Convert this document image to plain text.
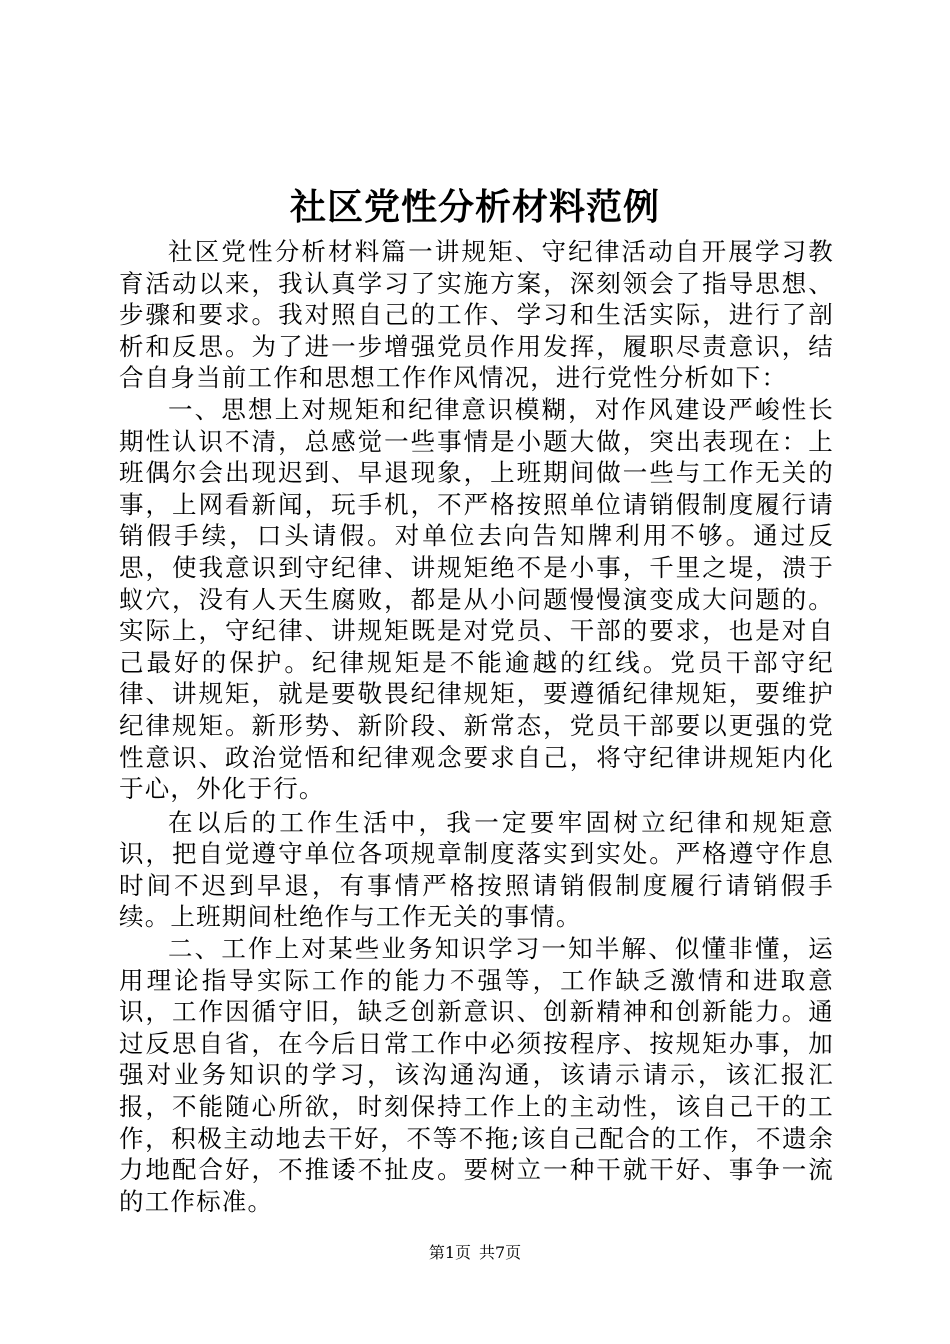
社区党性分析材料范例

社区党性分析材料篇一讲规矩、守纪律活动自开展学习教育活动以来，我认真学习了实施方案，深刻领会了指导思想、步骤和要求。我对照自己的工作、学习和生活实际，进行了剖析和反思。为了进一步增强党员作用发挥，履职尽责意识，结合自身当前工作和思想工作作风情况，进行党性分析如下：

一、思想上对规矩和纪律意识模糊，对作风建设严峻性长期性认识不清，总感觉一些事情是小题大做，突出表现在：上班偶尔会出现迟到、早退现象，上班期间做一些与工作无关的事，上网看新闻，玩手机，不严格按照单位请销假制度履行请销假手续，口头请假。对单位去向告知牌利用不够。通过反思，使我意识到守纪律、讲规矩绝不是小事，千里之堤，溃于蚁穴，没有人天生腐败，都是从小问题慢慢演变成大问题的。实际上，守纪律、讲规矩既是对党员、干部的要求，也是对自己最好的保护。纪律规矩是不能逾越的红线。党员干部守纪律、讲规矩，就是要敬畏纪律规矩，要遵循纪律规矩，要维护纪律规矩。新形势、新阶段、新常态，党员干部要以更强的党性意识、政治觉悟和纪律观念要求自己，将守纪律讲规矩内化于心，外化于行。

在以后的工作生活中，我一定要牢固树立纪律和规矩意识，把自觉遵守单位各项规章制度落实到实处。严格遵守作息时间不迟到早退，有事情严格按照请销假制度履行请销假手续。上班期间杜绝作与工作无关的事情。

二、工作上对某些业务知识学习一知半解、似懂非懂，运用理论指导实际工作的能力不强等，工作缺乏激情和进取意识，工作因循守旧，缺乏创新意识、创新精神和创新能力。通过反思自省，在今后日常工作中必须按程序、按规矩办事，加强对业务知识的学习，该沟通沟通，该请示请示，该汇报汇报，不能随心所欲，时刻保持工作上的主动性，该自己干的工作，积极主动地去干好，不等不拖;该自己配合的工作，不遗余力地配合好，不推诿不扯皮。要树立一种干就干好、事争一流的工作标准。

第1页 共7页
